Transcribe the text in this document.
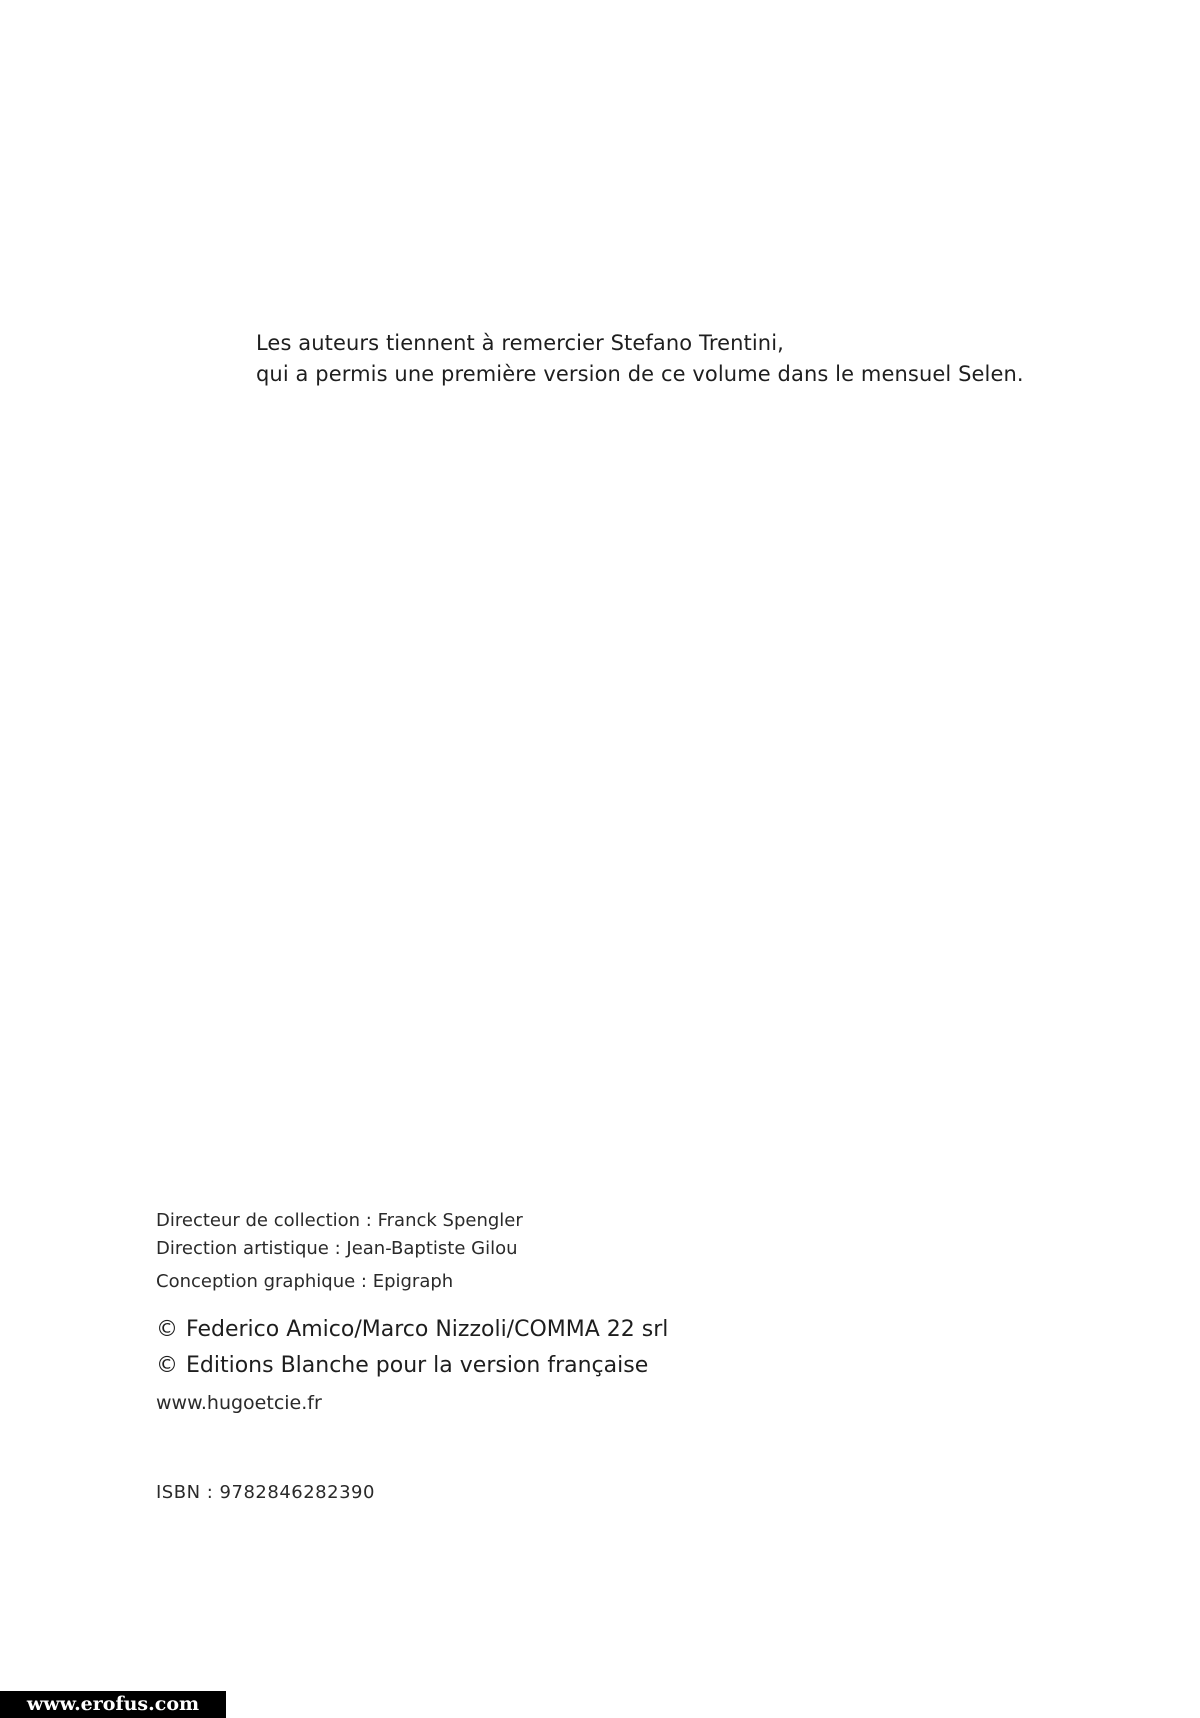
Les auteurs tiennent à remercier Stefano Trentini,
qui a permis une première version de ce volume dans le mensuel Selen.
Directeur de collection : Franck Spengler
Direction artistique : Jean-Baptiste Gilou
Conception graphique : Epigraph
© Federico Amico/Marco Nizzoli/COMMA 22 srl
© Editions Blanche pour la version française
www.hugoetcie.fr
ISBN : 9782846282390
www.erofus.com
